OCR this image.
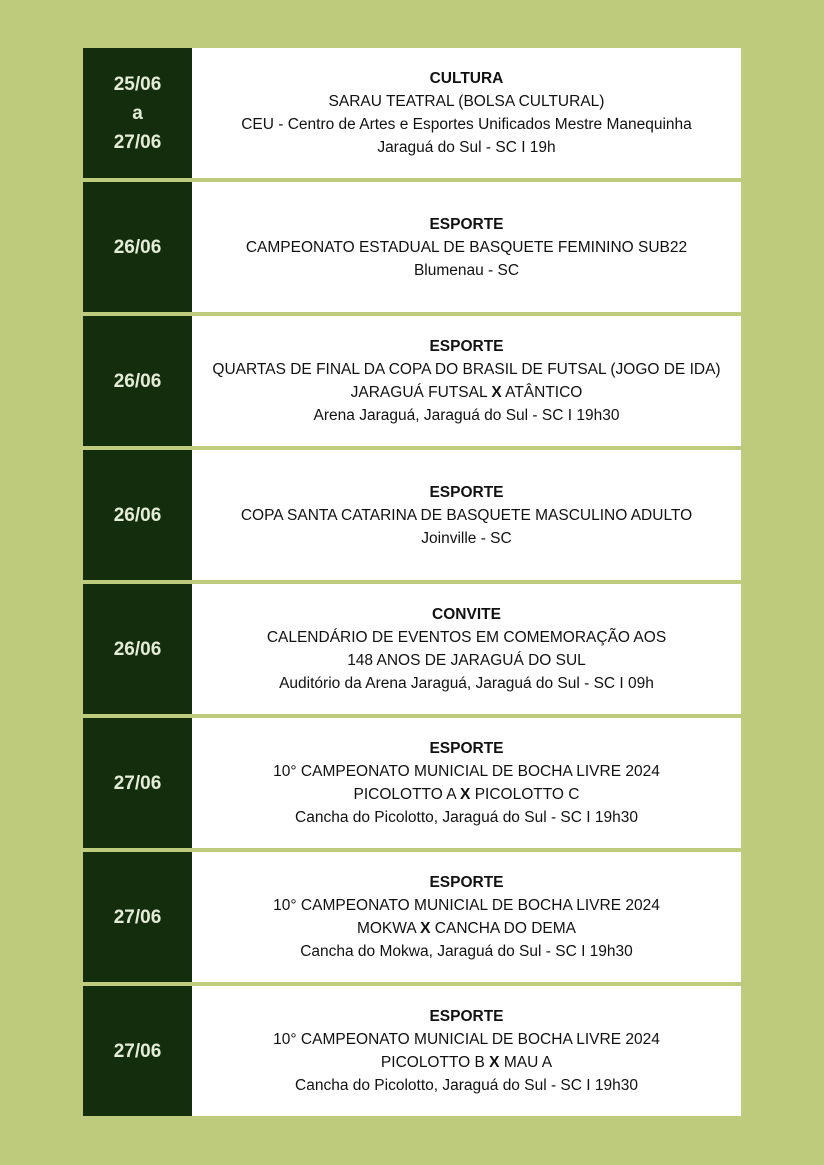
25/06
a
27/06
CULTURA
SARAU TEATRAL (BOLSA CULTURAL)
CEU - Centro de Artes e Esportes Unificados Mestre Manequinha
Jaraguá do Sul - SC I 19h
26/06
ESPORTE
CAMPEONATO ESTADUAL DE BASQUETE FEMININO SUB22
Blumenau - SC
26/06
ESPORTE
QUARTAS DE FINAL DA COPA DO BRASIL DE FUTSAL (JOGO DE IDA)
JARAGUÁ FUTSAL X ATÂNTICO
Arena Jaraguá, Jaraguá do Sul - SC I 19h30
26/06
ESPORTE
COPA SANTA CATARINA DE BASQUETE MASCULINO ADULTO
Joinville - SC
26/06
CONVITE
CALENDÁRIO DE EVENTOS EM COMEMORAÇÃO AOS
148 ANOS DE JARAGUÁ DO SUL
Auditório da Arena Jaraguá, Jaraguá do Sul - SC I 09h
27/06
ESPORTE
10° CAMPEONATO MUNICIAL DE BOCHA LIVRE 2024
PICOLOTTO A X PICOLOTTO C
Cancha do Picolotto, Jaraguá do Sul - SC I 19h30
27/06
ESPORTE
10° CAMPEONATO MUNICIAL DE BOCHA LIVRE 2024
MOKWA X CANCHA DO DEMA
Cancha do Mokwa, Jaraguá do Sul - SC I 19h30
27/06
ESPORTE
10° CAMPEONATO MUNICIAL DE BOCHA LIVRE 2024
PICOLOTTO B X MAU A
Cancha do Picolotto, Jaraguá do Sul - SC I 19h30
